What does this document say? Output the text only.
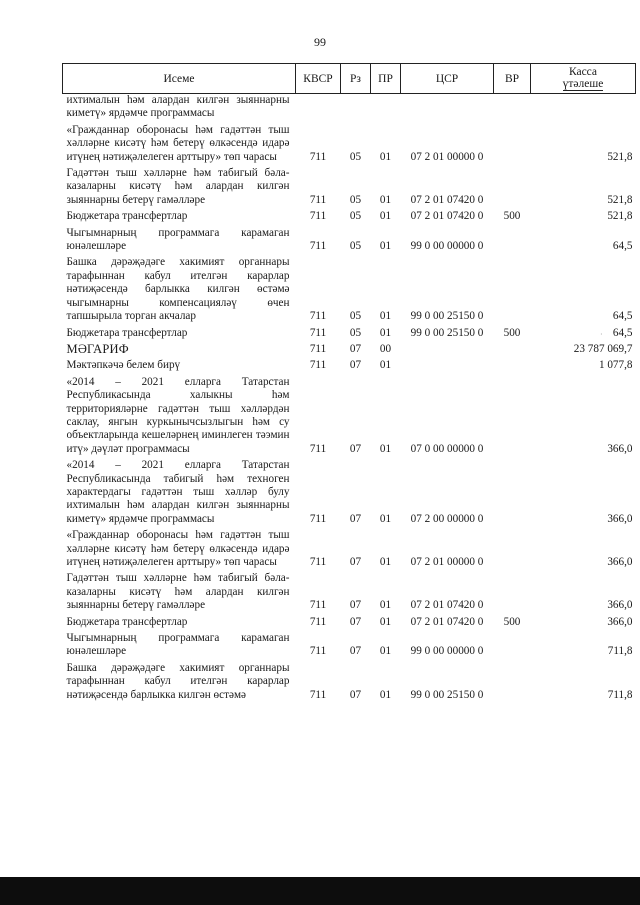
99
Исеме	КВСР	Рз	ПР	ЦСР	ВР	Касса
үтәлеше
ихтималын һәм алардан килгән зыяннарны киметү» ярдәмче программасы						
«Гражданнар оборонасы һәм гадәттән тыш хәлләрне кисәтү һәм бетерү өлкәсендә идарә итүнең нәтиҗәлелеген арттыру» төп чарасы	711	05	01	07 2 01 00000 0		521,8
Гадәттән тыш хәлләрне һәм табигый бәла-казаларны кисәтү һәм алардан килгән зыяннарны бетерү гамәлләре	711	05	01	07 2 01 07420 0		521,8
Бюджетара трансфертлар	711	05	01	07 2 01 07420 0	500	521,8
Чыгымнарның программага карамаган юнәлешләре	711	05	01	99 0 00 00000 0		64,5
Башка дәрәҗәдәге хакимият органнары тарафыннан кабул ителгән карарлар нәтиҗәсендә барлыкка килгән өстәмә чыгымнарны компенсацияләү өчен тапшырыла торган акчалар	711	05	01	99 0 00 25150 0		64,5
Бюджетара трансфертлар	711	05	01	99 0 00 25150 0	500	64,5
МӘГАРИФ	711	07	00			23 787 069,7
Мәктәпкәчә белем бирү	711	07	01			1 077,8
«2014 – 2021 елларга Татарстан Республикасында халыкны һәм территорияләрне гадәттән тыш хәлләрдән саклау, янгын куркынычсызлыгын һәм су объектларында кешеләрнең иминлеген тәэмин итү» дәүләт программасы	711	07	01	07 0 00 00000 0		366,0
«2014 – 2021 елларга Татарстан Республикасында табигый һәм техноген характердагы гадәттән тыш хәлләр булу ихтималын һәм алардан килгән зыяннарны киметү» ярдәмче программасы	711	07	01	07 2 00 00000 0		366,0
«Гражданнар оборонасы һәм гадәттән тыш хәлләрне кисәтү һәм бетерү өлкәсендә идарә итүнең нәтиҗәлелеген арттыру» төп чарасы	711	07	01	07 2 01 00000 0		366,0
Гадәттән тыш хәлләрне һәм табигый бәла-казаларны кисәтү һәм алардан килгән зыяннарны бетерү гамәлләре	711	07	01	07 2 01 07420 0		366,0
Бюджетара трансфертлар	711	07	01	07 2 01 07420 0	500	366,0
Чыгымнарның программага карамаган юнәлешләре	711	07	01	99 0 00 00000 0		711,8
Башка дәрәҗәдәге хакимият органнары тарафыннан кабул ителгән карарлар нәтиҗәсендә барлыкка килгән өстәмә	711	07	01	99 0 00 25150 0		711,8
·
